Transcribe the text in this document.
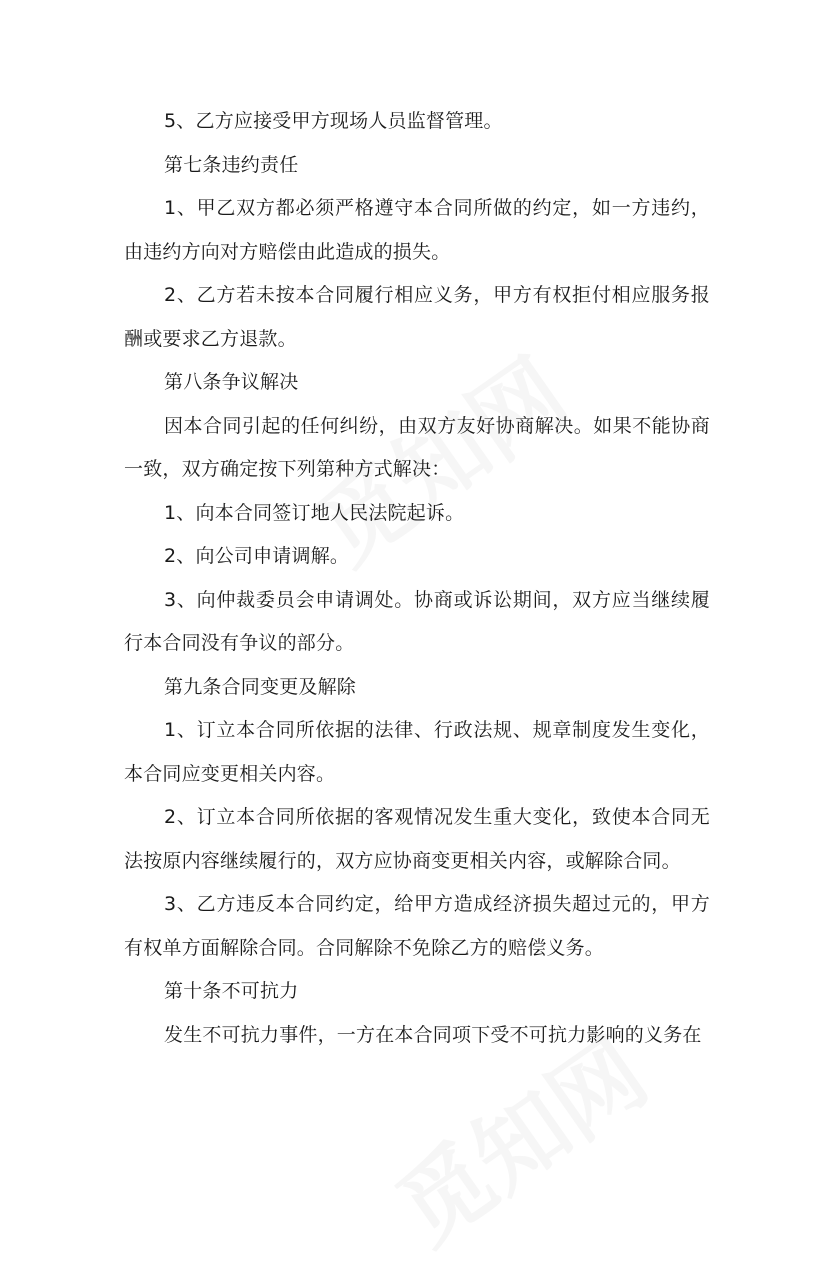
5、乙方应接受甲方现场人员监督管理。

第七条违约责任

1、甲乙双方都必须严格遵守本合同所做的约定，如一方违约，由违约方向对方赔偿由此造成的损失。

2、乙方若未按本合同履行相应义务，甲方有权拒付相应服务报酬或要求乙方退款。

第八条争议解决

因本合同引起的任何纠纷，由双方友好协商解决。如果不能协商一致，双方确定按下列第种方式解决：

1、向本合同签订地人民法院起诉。

2、向公司申请调解。

3、向仲裁委员会申请调处。协商或诉讼期间，双方应当继续履行本合同没有争议的部分。

第九条合同变更及解除

1、订立本合同所依据的法律、行政法规、规章制度发生变化，本合同应变更相关内容。

2、订立本合同所依据的客观情况发生重大变化，致使本合同无法按原内容继续履行的，双方应协商变更相关内容，或解除合同。

3、乙方违反本合同约定，给甲方造成经济损失超过元的，甲方有权单方面解除合同。合同解除不免除乙方的赔偿义务。

第十条不可抗力

发生不可抗力事件，一方在本合同项下受不可抗力影响的义务在
